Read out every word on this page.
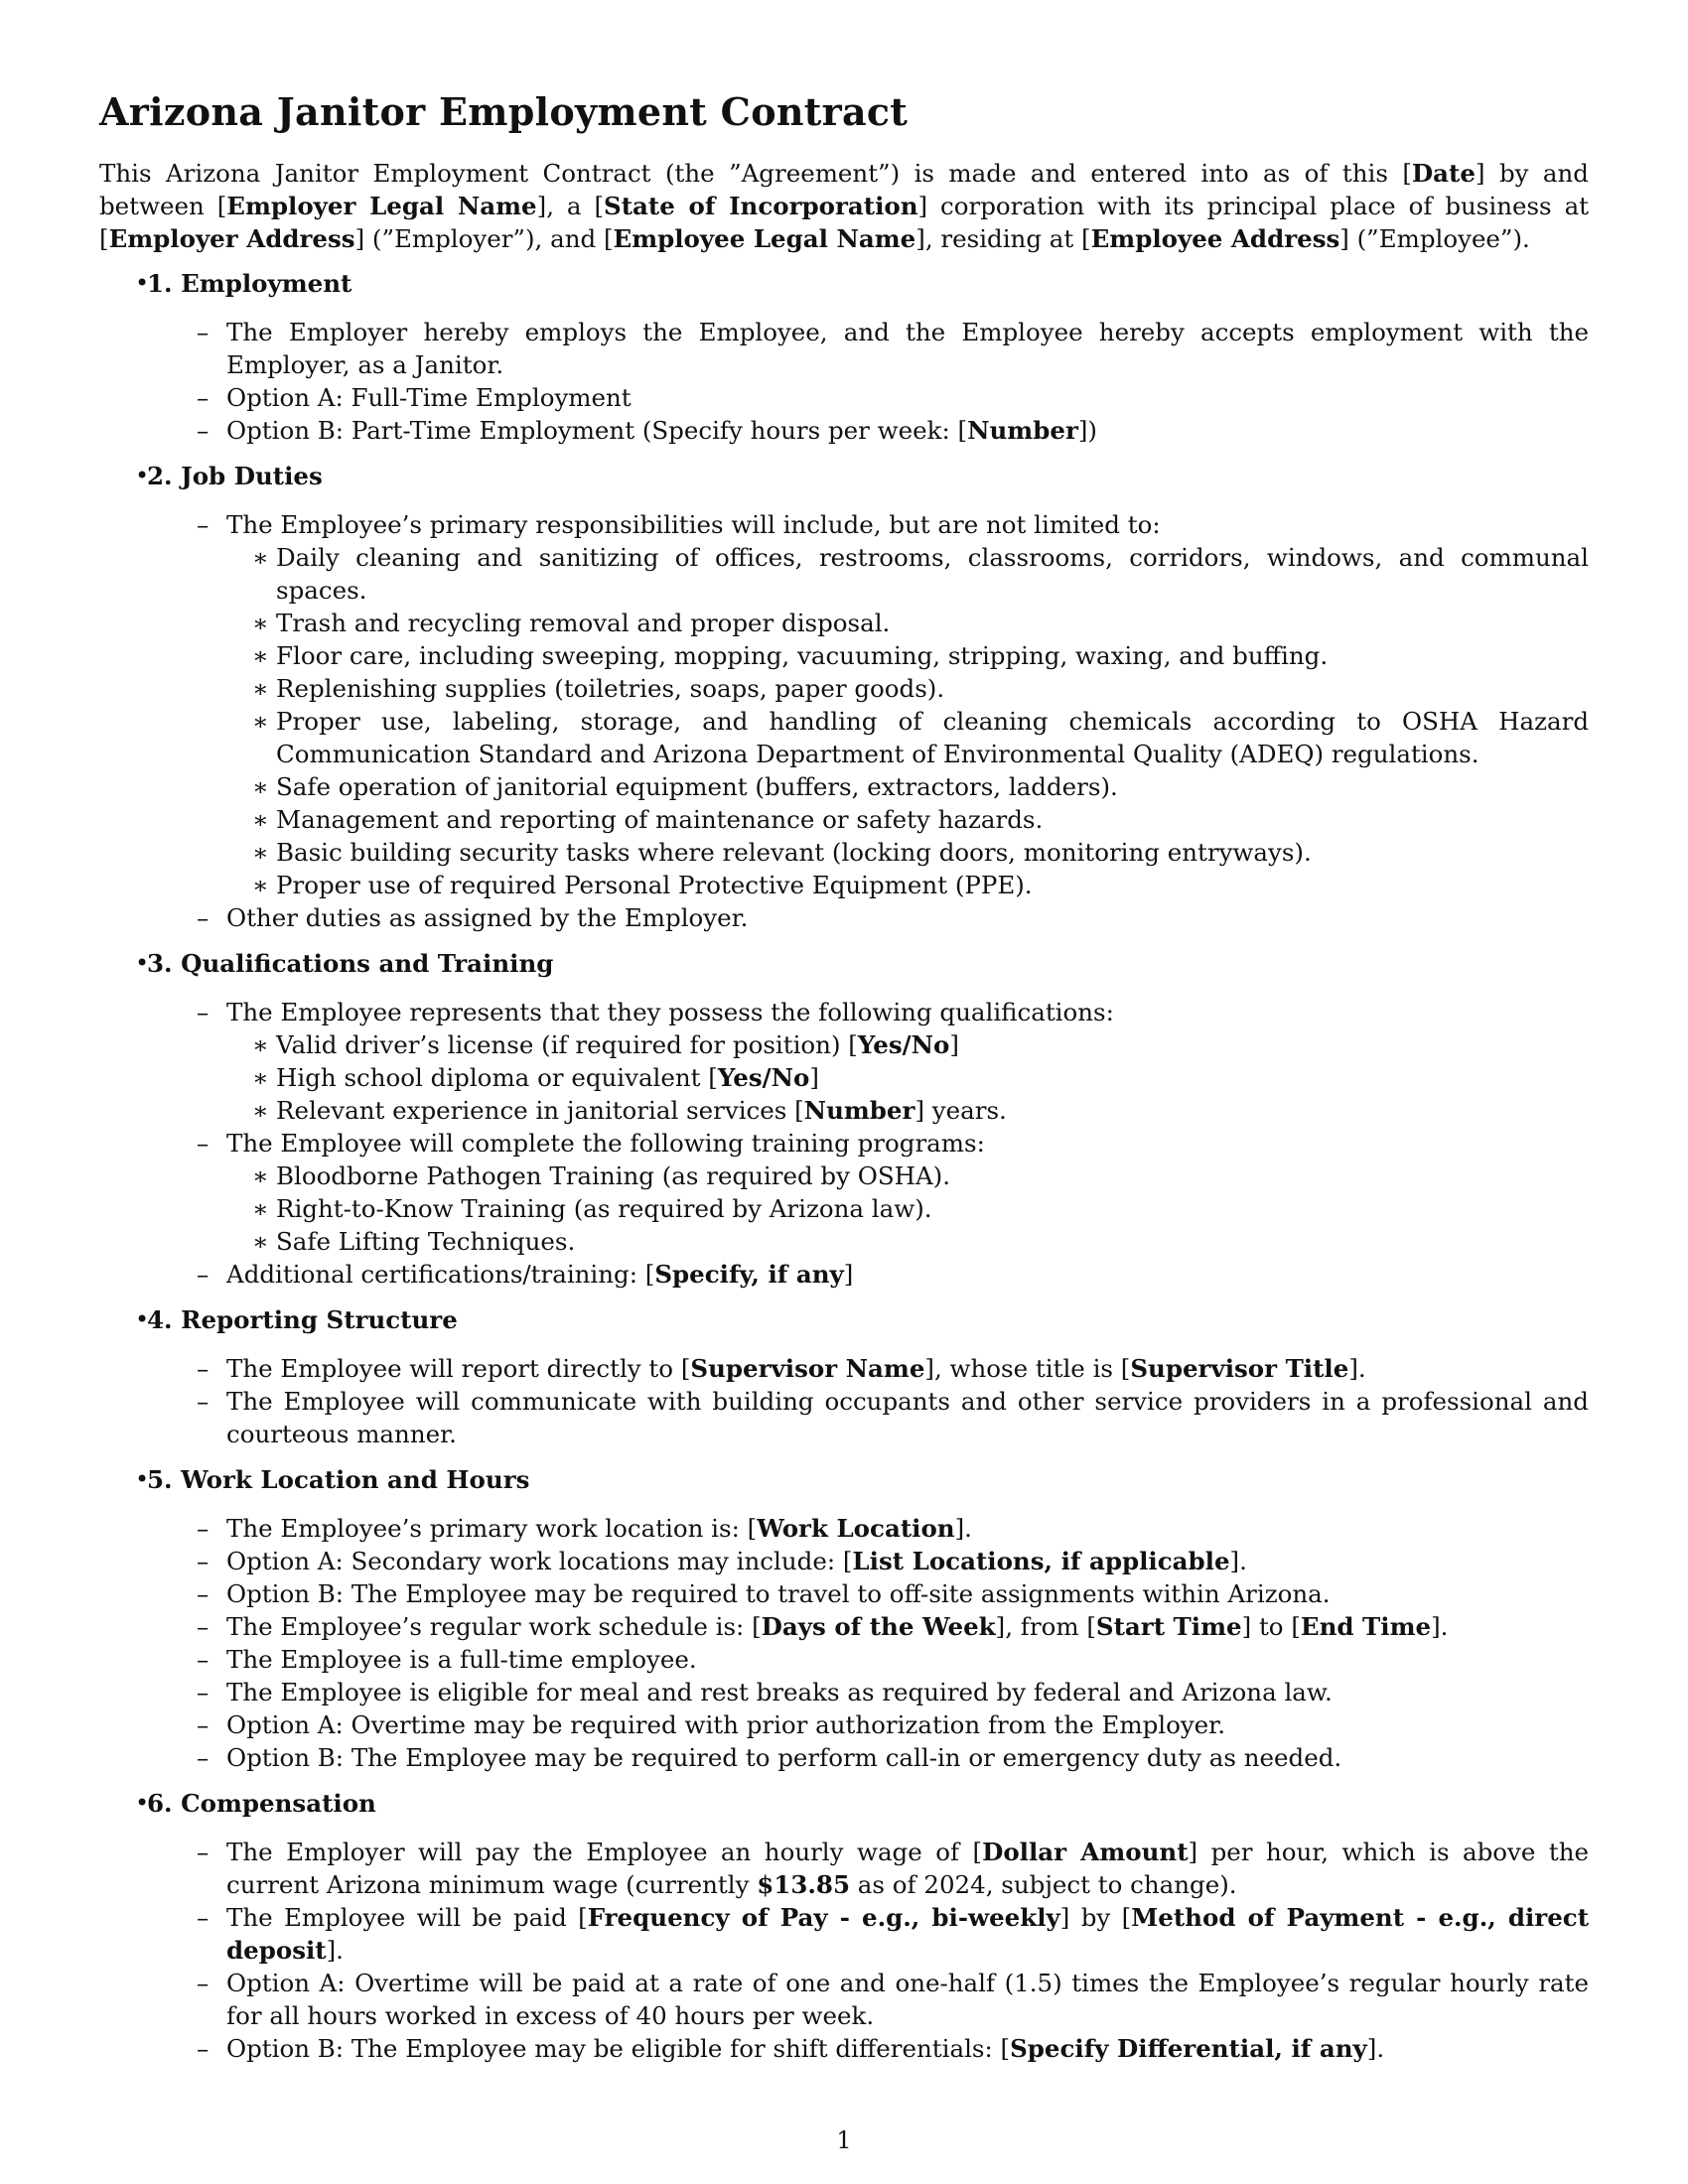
Arizona Janitor Employment Contract

This Arizona Janitor Employment Contract (the ”Agreement”) is made and entered into as of this [Date] by and between [Employer Legal Name], a [State of Incorporation] corporation with its principal place of business at [Employer Address] (”Employer”), and [Employee Legal Name], residing at [Employee Address] (”Employee”).

• 1. Employment
– The Employer hereby employs the Employee, and the Employee hereby accepts employment with the Employer, as a Janitor.
– Option A: Full-Time Employment
– Option B: Part-Time Employment (Specify hours per week: [Number])
• 2. Job Duties
– The Employee’s primary responsibilities will include, but are not limited to:
∗ Daily cleaning and sanitizing of offices, restrooms, classrooms, corridors, windows, and communal spaces.
∗ Trash and recycling removal and proper disposal.
∗ Floor care, including sweeping, mopping, vacuuming, stripping, waxing, and buffing.
∗ Replenishing supplies (toiletries, soaps, paper goods).
∗ Proper use, labeling, storage, and handling of cleaning chemicals according to OSHA Hazard Communication Standard and Arizona Department of Environmental Quality (ADEQ) regulations.
∗ Safe operation of janitorial equipment (buffers, extractors, ladders).
∗ Management and reporting of maintenance or safety hazards.
∗ Basic building security tasks where relevant (locking doors, monitoring entryways).
∗ Proper use of required Personal Protective Equipment (PPE).
– Other duties as assigned by the Employer.
• 3. Qualifications and Training
– The Employee represents that they possess the following qualifications:
∗ Valid driver’s license (if required for position) [Yes/No]
∗ High school diploma or equivalent [Yes/No]
∗ Relevant experience in janitorial services [Number] years.
– The Employee will complete the following training programs:
∗ Bloodborne Pathogen Training (as required by OSHA).
∗ Right-to-Know Training (as required by Arizona law).
∗ Safe Lifting Techniques.
– Additional certifications/training: [Specify, if any]
• 4. Reporting Structure
– The Employee will report directly to [Supervisor Name], whose title is [Supervisor Title].
– The Employee will communicate with building occupants and other service providers in a professional and courteous manner.
• 5. Work Location and Hours
– The Employee’s primary work location is: [Work Location].
– Option A: Secondary work locations may include: [List Locations, if applicable].
– Option B: The Employee may be required to travel to off-site assignments within Arizona.
– The Employee’s regular work schedule is: [Days of the Week], from [Start Time] to [End Time].
– The Employee is a full-time employee.
– The Employee is eligible for meal and rest breaks as required by federal and Arizona law.
– Option A: Overtime may be required with prior authorization from the Employer.
– Option B: The Employee may be required to perform call-in or emergency duty as needed.
• 6. Compensation
– The Employer will pay the Employee an hourly wage of [Dollar Amount] per hour, which is above the current Arizona minimum wage (currently $13.85 as of 2024, subject to change).
– The Employee will be paid [Frequency of Pay - e.g., bi-weekly] by [Method of Payment - e.g., direct deposit].
– Option A: Overtime will be paid at a rate of one and one-half (1.5) times the Employee’s regular hourly rate for all hours worked in excess of 40 hours per week.
– Option B: The Employee may be eligible for shift differentials: [Specify Differential, if any].
1
